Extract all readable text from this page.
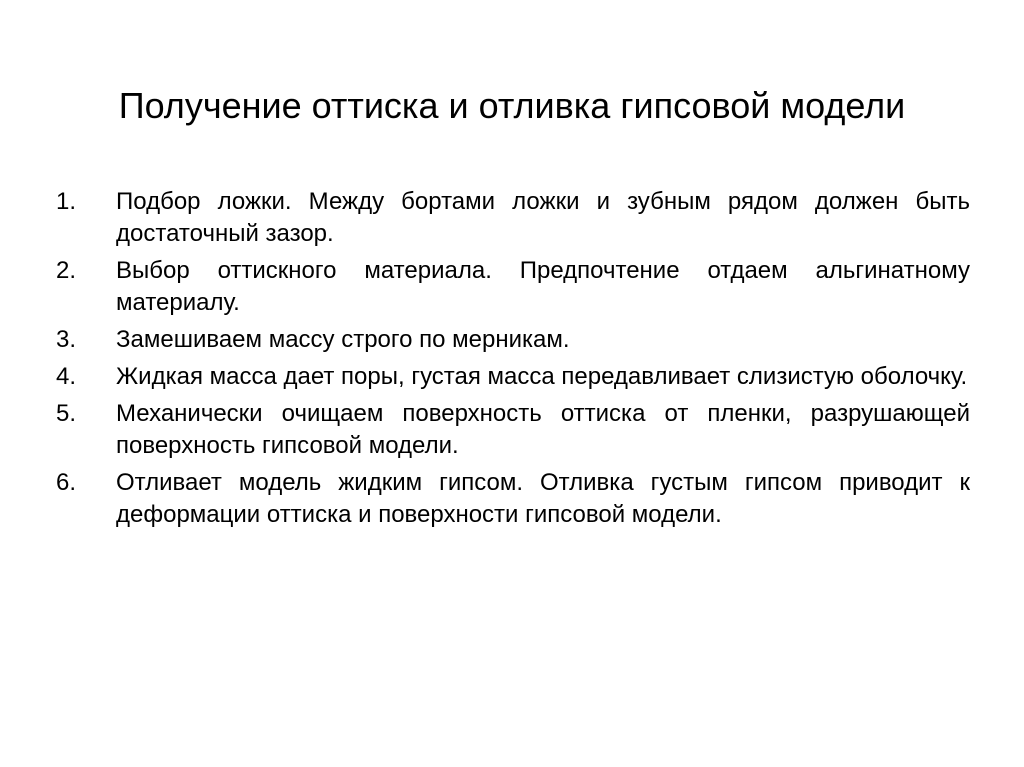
Получение оттиска и отливка гипсовой модели
1. Подбор ложки. Между бортами ложки и зубным рядом должен быть достаточный зазор.
2. Выбор оттискного материала. Предпочтение отдаем альгинатному материалу.
3. Замешиваем массу строго по мерникам.
4. Жидкая масса дает поры, густая масса передавливает слизистую оболочку.
5. Механически очищаем поверхность оттиска от пленки, разрушающей поверхность гипсовой модели.
6. Отливает модель жидким гипсом. Отливка густым гипсом приводит к деформации оттиска и поверхности гипсовой модели.
